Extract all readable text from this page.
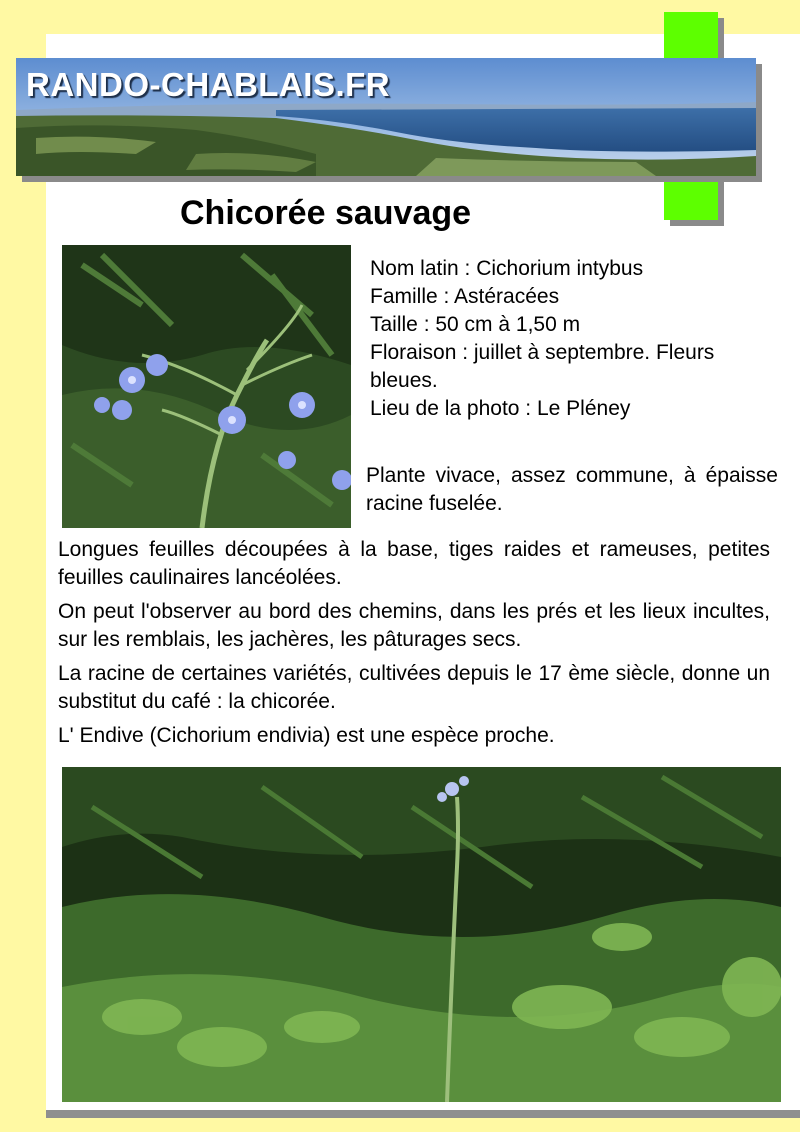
RANDO-CHABLAIS.FR
Chicorée sauvage
Nom latin : Cichorium intybus
Famille : Astéracées
Taille : 50 cm à 1,50 m
Floraison : juillet à septembre. Fleurs bleues.
Lieu de la photo : Le Pléney

Plante vivace, assez commune, à épaisse racine fuselée.

Longues feuilles découpées à la base, tiges raides et rameuses, petites feuilles caulinaires lancéolées.

On peut l'observer au bord des chemins, dans les prés et les lieux incultes, sur les remblais, les jachères, les pâturages secs.

La racine de certaines variétés, cultivées depuis le 17 ème siècle, donne un substitut du café : la chicorée.

L' Endive (Cichorium endivia) est une espèce proche.
